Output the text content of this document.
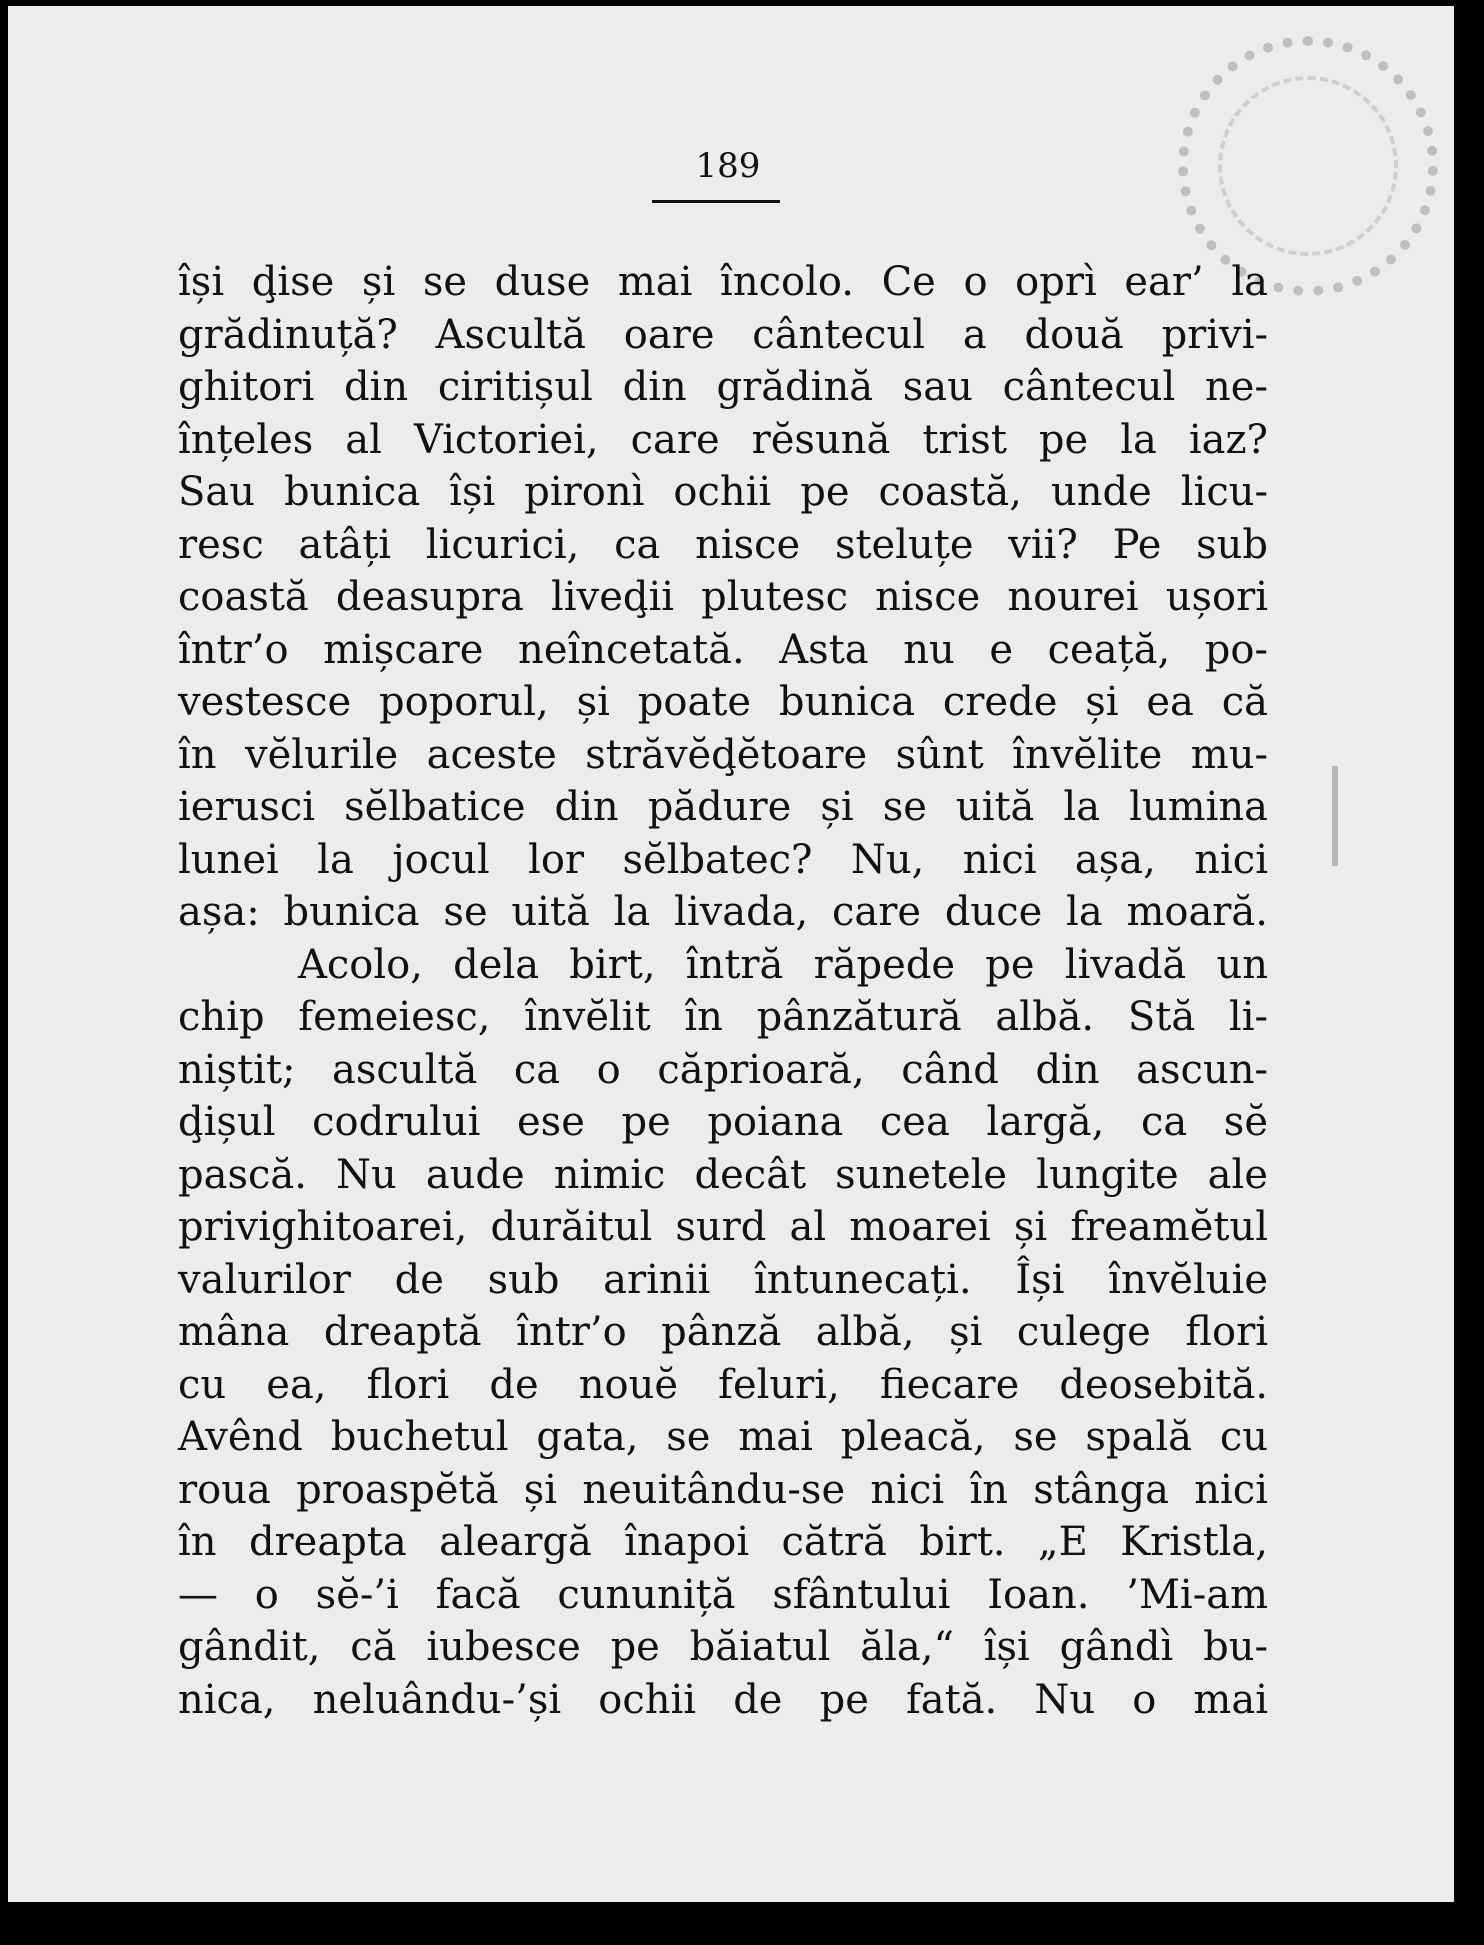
189
își ḑise și se duse mai încolo. Ce o oprì ear’ la
grădinuță? Ascultă oare cântecul a două privi-
ghitori din ciritișul din grădină sau cântecul ne-
înțeles al Victoriei, care rĕsună trist pe la iaz?
Sau bunica își pironì ochii pe coastă, unde licu-
resc atâți licurici, ca nisce steluțe vii? Pe sub
coastă deasupra liveḑii plutesc nisce nourei ușori
într’o mișcare neîncetată. Asta nu e ceață, po-
vestesce poporul, și poate bunica crede și ea că
în vĕlurile aceste străvĕḑĕtoare sûnt învĕlite mu-
ierusci sĕlbatice din pădure și se uită la lumina
lunei la jocul lor sĕlbatec? Nu, nici așa, nici
așa: bunica se uită la livada, care duce la moară.
Acolo, dela birt, întră răpede pe livadă un
chip femeiesc, învĕlit în pânzătură albă. Stă li-
niștit; ascultă ca o căprioară, când din ascun-
ḑișul codrului ese pe poiana cea largă, ca sĕ
pască. Nu aude nimic decât sunetele lungite ale
privighitoarei, durăitul surd al moarei și freamĕtul
valurilor de sub arinii întunecați. Își învĕluie
mâna dreaptă într’o pânză albă, și culege flori
cu ea, flori de nouĕ feluri, fiecare deosebită.
Avênd buchetul gata, se mai pleacă, se spală cu
roua proaspĕtă și neuitându-se nici în stânga nici
în dreapta aleargă înapoi cătră birt. „E Kristla,
— o sĕ-’i facă cununiță sfântului Ioan. ’Mi-am
gândit, că iubesce pe băiatul ăla,“ își gândì bu-
nica, neluându-’și ochii de pe fată. Nu o mai
